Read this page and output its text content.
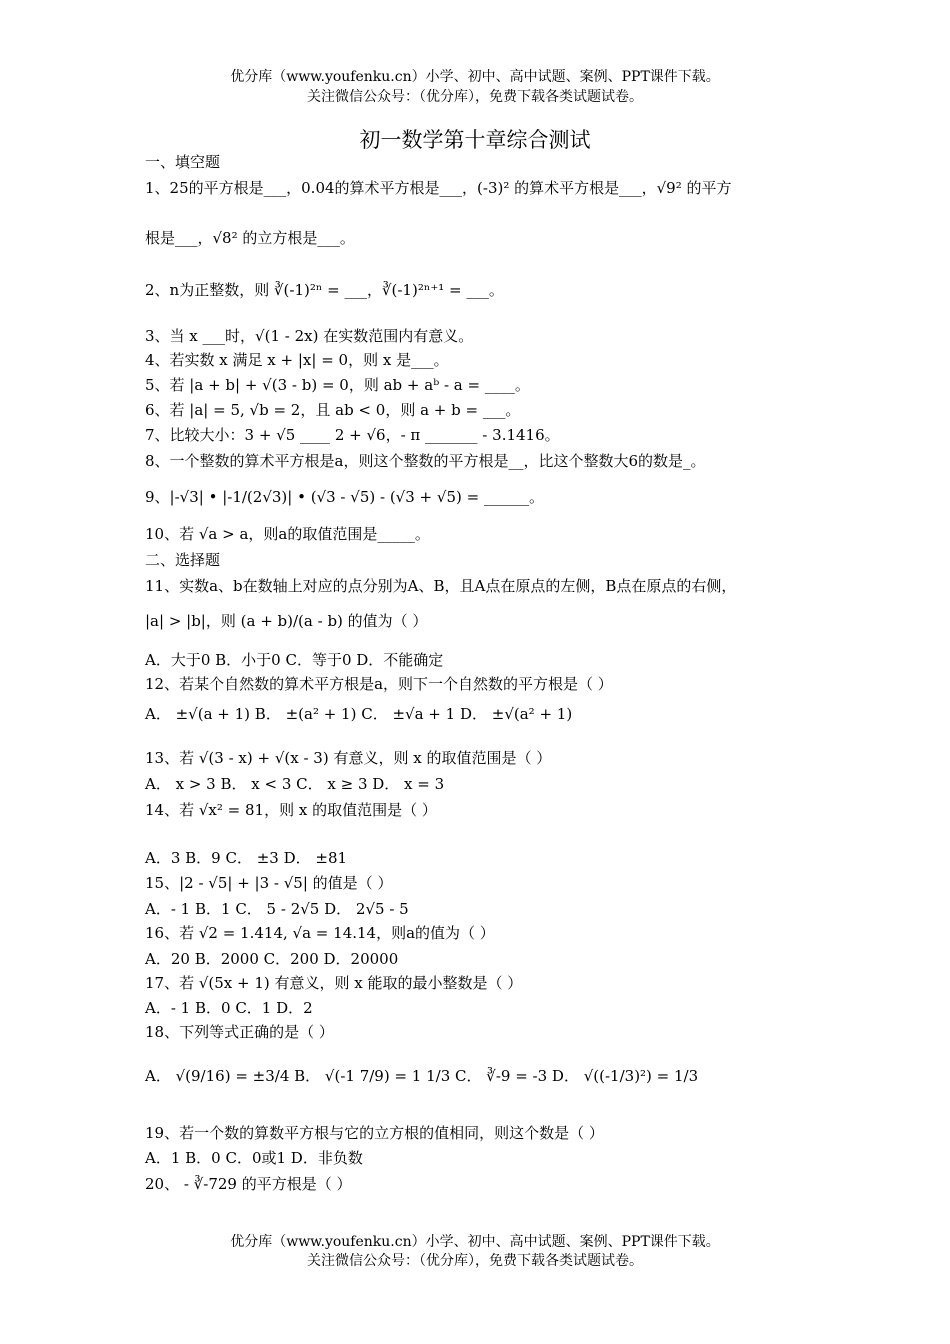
优分库（www.youfenku.cn）小学、初中、高中试题、案例、PPT课件下载。
关注微信公众号：（优分库），免费下载各类试题试卷。
初一数学第十章综合测试
一、填空题
1、25的平方根是___，0.04的算术平方根是___，(-3)² 的算术平方根是___，√9² 的平方
根是___，√8² 的立方根是___。
2、n为正整数，则 ∛(-1)²ⁿ = ___，∛(-1)²ⁿ⁺¹ = ___。
3、当 x ___时，√(1 - 2x) 在实数范围内有意义。
4、若实数 x 满足 x + |x| = 0，则 x 是___。
5、若 |a + b| + √(3 - b) = 0，则 ab + aᵇ - a = ____。
6、若 |a| = 5, √b = 2，且 ab < 0，则 a + b = ___。
7、比较大小：3 + √5 ____ 2 + √6，- π _______ - 3.1416。
8、一个整数的算术平方根是a，则这个整数的平方根是__，比这个整数大6的数是_。
9、|-√3| • |-1/(2√3)| • (√3 - √5) - (√3 + √5) = ______。
10、若 √a > a，则a的取值范围是_____。
二、选择题
11、实数a、b在数轴上对应的点分别为A、B，且A点在原点的左侧，B点在原点的右侧，
|a| > |b|，则 (a + b)/(a - b) 的值为（ ）
A．大于0 B．小于0 C．等于0 D．不能确定
12、若某个自然数的算术平方根是a，则下一个自然数的平方根是（ ）
A． ±√(a + 1) B． ±(a² + 1) C． ±√a + 1 D． ±√(a² + 1)
13、若 √(3 - x) + √(x - 3) 有意义，则 x 的取值范围是（ ）
A． x > 3 B． x < 3 C． x ≥ 3 D． x = 3
14、若 √x² = 81，则 x 的取值范围是（ ）
A．3 B．9 C． ±3 D． ±81
15、|2 - √5| + |3 - √5| 的值是（ ）
A．- 1 B．1 C． 5 - 2√5 D． 2√5 - 5
16、若 √2 = 1.414, √a = 14.14，则a的值为（ ）
A．20 B．2000 C．200 D．20000
17、若 √(5x + 1) 有意义，则 x 能取的最小整数是（ ）
A．- 1 B．0 C．1 D．2
18、下列等式正确的是（ ）
A． √(9/16) = ±3/4 B． √(-1 7/9) = 1 1/3 C． ∛-9 = -3 D． √((-1/3)²) = 1/3
19、若一个数的算数平方根与它的立方根的值相同，则这个数是（ ）
A．1 B．0 C．0或1 D．非负数
20、 - ∛-729 的平方根是（ ）
优分库（www.youfenku.cn）小学、初中、高中试题、案例、PPT课件下载。
关注微信公众号：（优分库），免费下载各类试题试卷。
